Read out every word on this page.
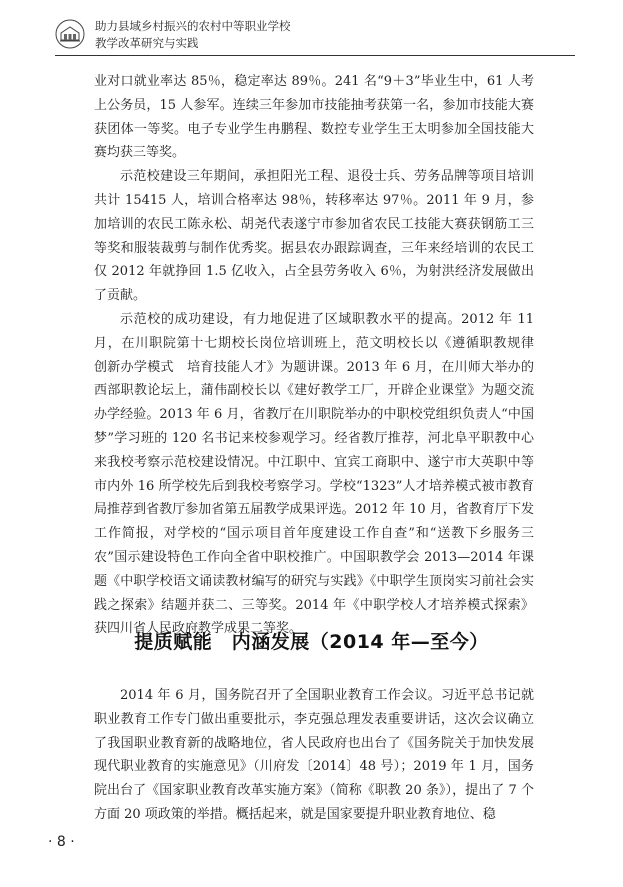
助力县域乡村振兴的农村中等职业学校
教学改革研究与实践

业对口就业率达 85％，稳定率达 89％。241 名“9＋3”毕业生中，61 人考上公务员，15 人参军。连续三年参加市技能抽考获第一名，参加市技能大赛获团体一等奖。电子专业学生冉鹏程、数控专业学生王太明参加全国技能大赛均获三等奖。

示范校建设三年期间，承担阳光工程、退役士兵、劳务品牌等项目培训共计 15415 人，培训合格率达 98％，转移率达 97％。2011 年 9 月，参加培训的农民工陈永松、胡尧代表遂宁市参加省农民工技能大赛获钢筋工三等奖和服装裁剪与制作优秀奖。据县农办跟踪调查，三年来经培训的农民工仅 2012 年就挣回 1.5 亿收入，占全县劳务收入 6％，为射洪经济发展做出了贡献。

示范校的成功建设，有力地促进了区域职教水平的提高。2012 年 11 月，在川职院第十七期校长岗位培训班上，范文明校长以《遵循职教规律　创新办学模式　培育技能人才》为题讲课。2013 年 6 月，在川师大举办的西部职教论坛上，蒲伟副校长以《建好教学工厂，开辟企业课堂》为题交流办学经验。2013 年 6 月，省教厅在川职院举办的中职校党组织负责人“中国梦”学习班的 120 名书记来校参观学习。经省教厅推荐，河北阜平职教中心来我校考察示范校建设情况。中江职中、宜宾工商职中、遂宁市大英职中等市内外 16 所学校先后到我校考察学习。学校“1323”人才培养模式被市教育局推荐到省教厅参加省第五届教学成果评选。2012 年 10 月，省教育厅下发工作简报，对学校的“国示项目首年度建设工作自查”和“送教下乡服务三农”国示建设特色工作向全省中职校推广。中国职教学会 2013—2014 年课题《中职学校语文诵读教材编写的研究与实践》《中职学生顶岗实习前社会实践之探索》结题并获二、三等奖。2014 年《中职学校人才培养模式探索》获四川省人民政府教学成果二等奖。

提质赋能　内涵发展（2014 年—至今）

2014 年 6 月，国务院召开了全国职业教育工作会议。习近平总书记就职业教育工作专门做出重要批示，李克强总理发表重要讲话，这次会议确立了我国职业教育新的战略地位，省人民政府也出台了《国务院关于加快发展现代职业教育的实施意见》（川府发〔2014〕48 号）；2019 年 1 月，国务院出台了《国家职业教育改革实施方案》（简称《职教 20 条》），提出了 7 个方面 20 项政策的举措。概括起来，就是国家要提升职业教育地位、稳

· 8 ·
